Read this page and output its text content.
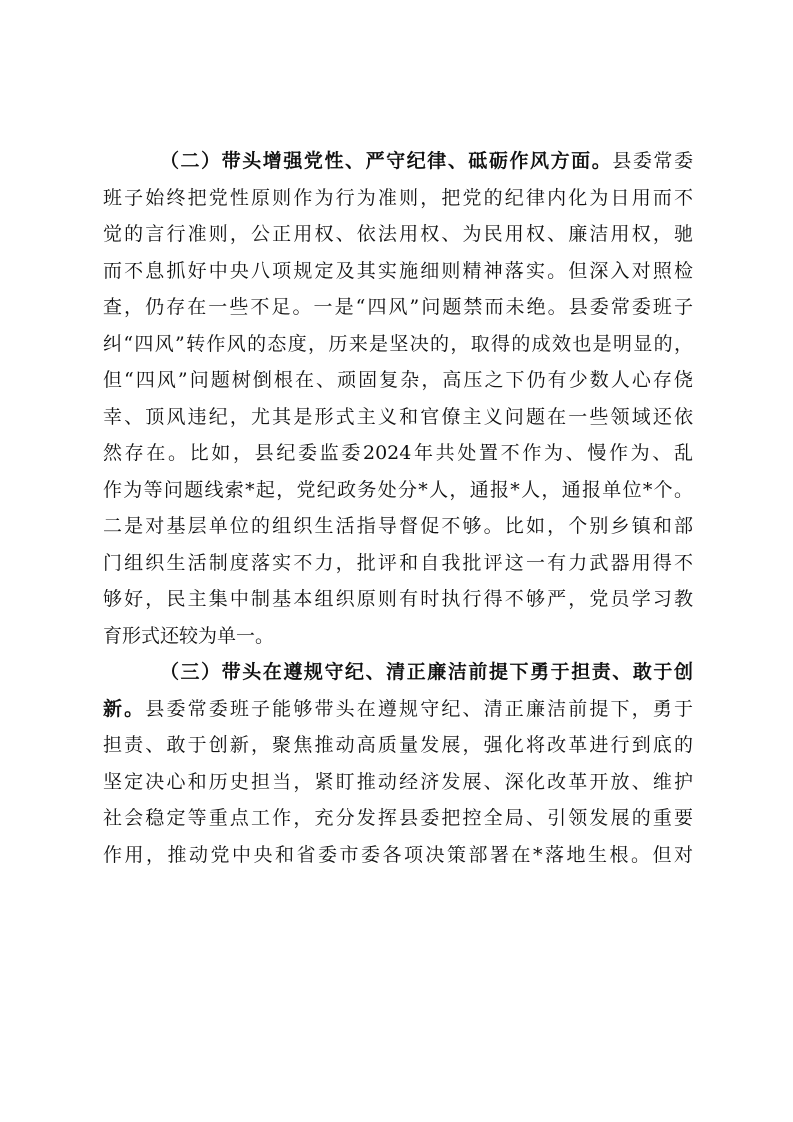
（二）带头增强党性、严守纪律、砥砺作风方面。县委常委
班子始终把党性原则作为行为准则，把党的纪律内化为日用而不
觉的言行准则，公正用权、依法用权、为民用权、廉洁用权，驰
而不息抓好中央八项规定及其实施细则精神落实。但深入对照检
查，仍存在一些不足。一是“四风”问题禁而未绝。县委常委班子
纠“四风”转作风的态度，历来是坚决的，取得的成效也是明显的，
但“四风”问题树倒根在、顽固复杂，高压之下仍有少数人心存侥
幸、顶风违纪，尤其是形式主义和官僚主义问题在一些领域还依
然存在。比如，县纪委监委2024年共处置不作为、慢作为、乱
作为等问题线索*起，党纪政务处分*人，通报*人，通报单位*个。
二是对基层单位的组织生活指导督促不够。比如，个别乡镇和部
门组织生活制度落实不力，批评和自我批评这一有力武器用得不
够好，民主集中制基本组织原则有时执行得不够严，党员学习教
育形式还较为单一。
（三）带头在遵规守纪、清正廉洁前提下勇于担责、敢于创
新。县委常委班子能够带头在遵规守纪、清正廉洁前提下，勇于
担责、敢于创新，聚焦推动高质量发展，强化将改革进行到底的
坚定决心和历史担当，紧盯推动经济发展、深化改革开放、维护
社会稳定等重点工作，充分发挥县委把控全局、引领发展的重要
作用，推动党中央和省委市委各项决策部署在*落地生根。但对
